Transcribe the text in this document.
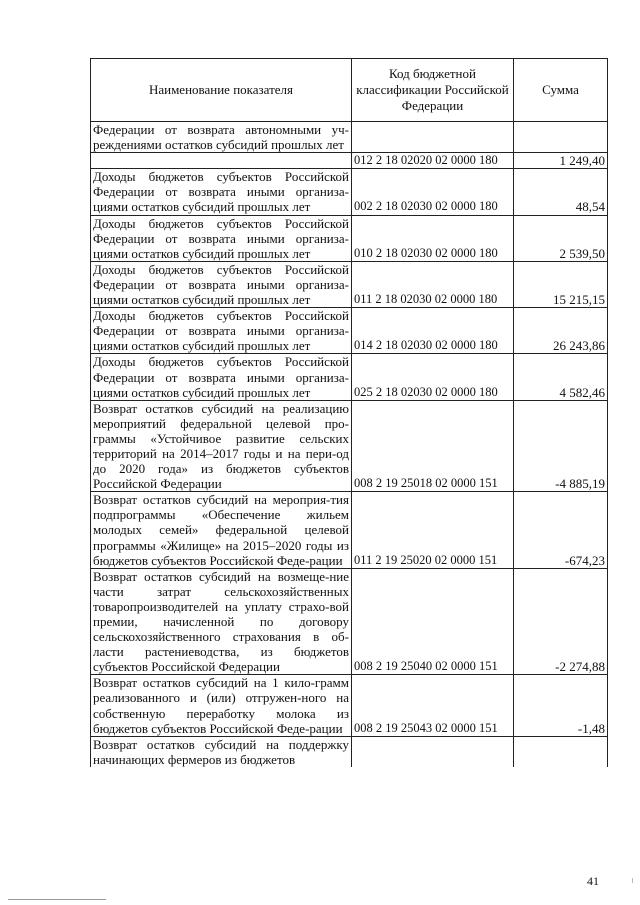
Наименование показателя	Код бюджетной классификации Российской Федерации	Сумма
Федерации от возврата автономными уч-реждениями остатков субсидий прошлых лет		
	012 2 18 02020 02 0000 180	1 249,40
Доходы бюджетов субъектов Российской Федерации от возврата иными организа-циями остатков субсидий прошлых лет	002 2 18 02030 02 0000 180	48,54
Доходы бюджетов субъектов Российской Федерации от возврата иными организа-циями остатков субсидий прошлых лет	010 2 18 02030 02 0000 180	2 539,50
Доходы бюджетов субъектов Российской Федерации от возврата иными организа-циями остатков субсидий прошлых лет	011 2 18 02030 02 0000 180	15 215,15
Доходы бюджетов субъектов Российской Федерации от возврата иными организа-циями остатков субсидий прошлых лет	014 2 18 02030 02 0000 180	26 243,86
Доходы бюджетов субъектов Российской Федерации от возврата иными организа-циями остатков субсидий прошлых лет	025 2 18 02030 02 0000 180	4 582,46
Возврат остатков субсидий на реализацию мероприятий федеральной целевой про-граммы «Устойчивое развитие сельских территорий на 2014–2017 годы и на пери-од до 2020 года» из бюджетов субъектов Российской Федерации	008 2 19 25018 02 0000 151	-4 885,19
Возврат остатков субсидий на мероприя-тия подпрограммы «Обеспечение жильем молодых семей» федеральной целевой программы «Жилище» на 2015–2020 годы из бюджетов субъектов Российской Феде-рации	011 2 19 25020 02 0000 151	-674,23
Возврат остатков субсидий на возмеще-ние части затрат сельскохозяйственных товаропроизводителей на уплату страхо-вой премии, начисленной по договору сельскохозяйственного страхования в об-ласти растениеводства, из бюджетов субъектов Российской Федерации	008 2 19 25040 02 0000 151	-2 274,88
Возврат остатков субсидий на 1 кило-грамм реализованного и (или) отгружен-ного на собственную переработку молока из бюджетов субъектов Российской Феде-рации	008 2 19 25043 02 0000 151	-1,48
Возврат остатков субсидий на поддержку начинающих фермеров из бюджетов		
41
